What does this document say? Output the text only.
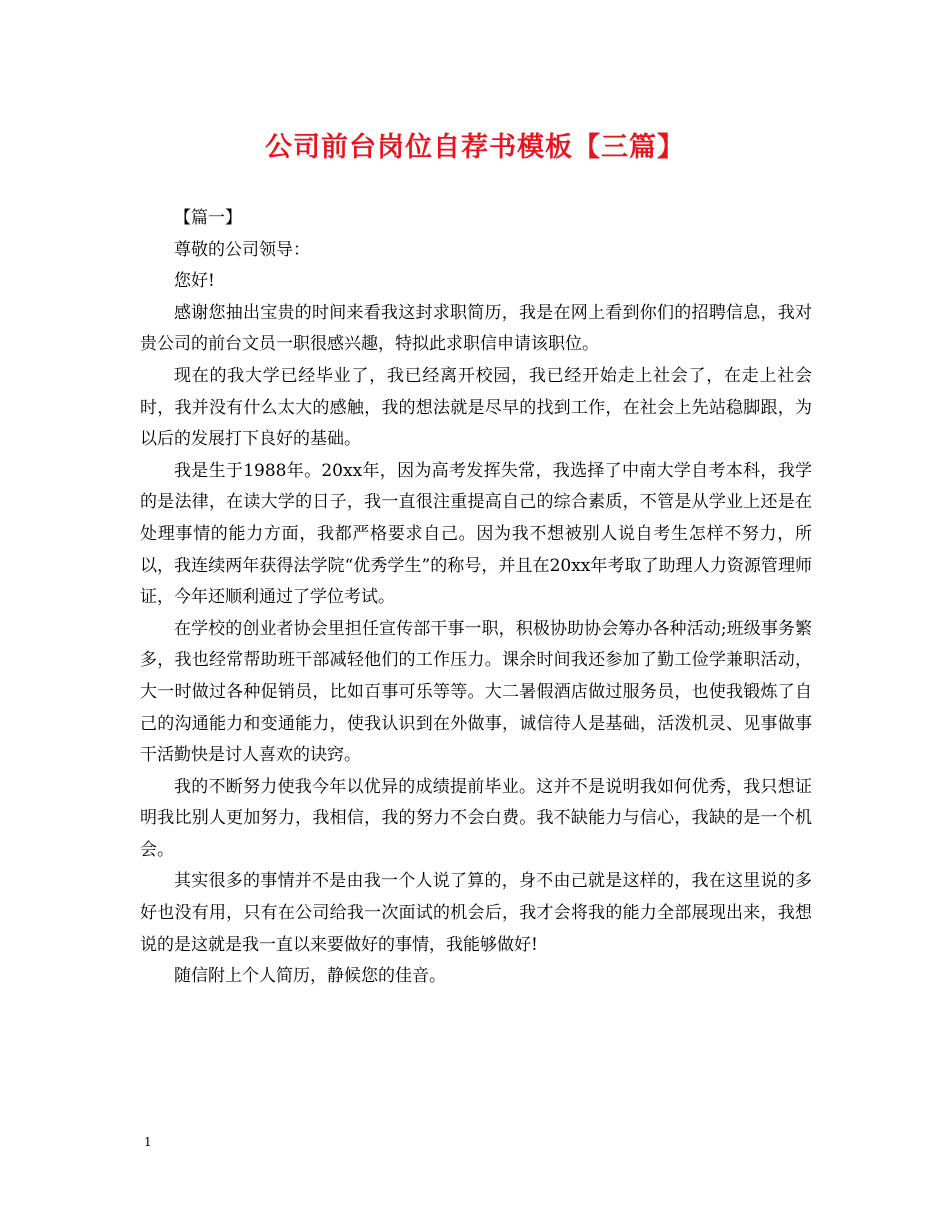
公司前台岗位自荐书模板【三篇】

【篇一】

尊敬的公司领导：

您好!

感谢您抽出宝贵的时间来看我这封求职简历，我是在网上看到你们的招聘信息，我对贵公司的前台文员一职很感兴趣，特拟此求职信申请该职位。

现在的我大学已经毕业了，我已经离开校园，我已经开始走上社会了，在走上社会时，我并没有什么太大的感触，我的想法就是尽早的找到工作，在社会上先站稳脚跟，为以后的发展打下良好的基础。

我是生于1988年。20xx年，因为高考发挥失常，我选择了中南大学自考本科，我学的是法律，在读大学的日子，我一直很注重提高自己的综合素质，不管是从学业上还是在处理事情的能力方面，我都严格要求自己。因为我不想被别人说自考生怎样不努力，所以，我连续两年获得法学院“优秀学生”的称号，并且在20xx年考取了助理人力资源管理师证，今年还顺利通过了学位考试。

在学校的创业者协会里担任宣传部干事一职，积极协助协会筹办各种活动;班级事务繁多，我也经常帮助班干部减轻他们的工作压力。课余时间我还参加了勤工俭学兼职活动，大一时做过各种促销员，比如百事可乐等等。大二暑假酒店做过服务员，也使我锻炼了自己的沟通能力和变通能力，使我认识到在外做事，诚信待人是基础，活泼机灵、见事做事干活勤快是讨人喜欢的诀窍。

我的不断努力使我今年以优异的成绩提前毕业。这并不是说明我如何优秀，我只想证明我比别人更加努力，我相信，我的努力不会白费。我不缺能力与信心，我缺的是一个机会。

其实很多的事情并不是由我一个人说了算的，身不由己就是这样的，我在这里说的多好也没有用，只有在公司给我一次面试的机会后，我才会将我的能力全部展现出来，我想说的是这就是我一直以来要做好的事情，我能够做好!

随信附上个人简历，静候您的佳音。

1
